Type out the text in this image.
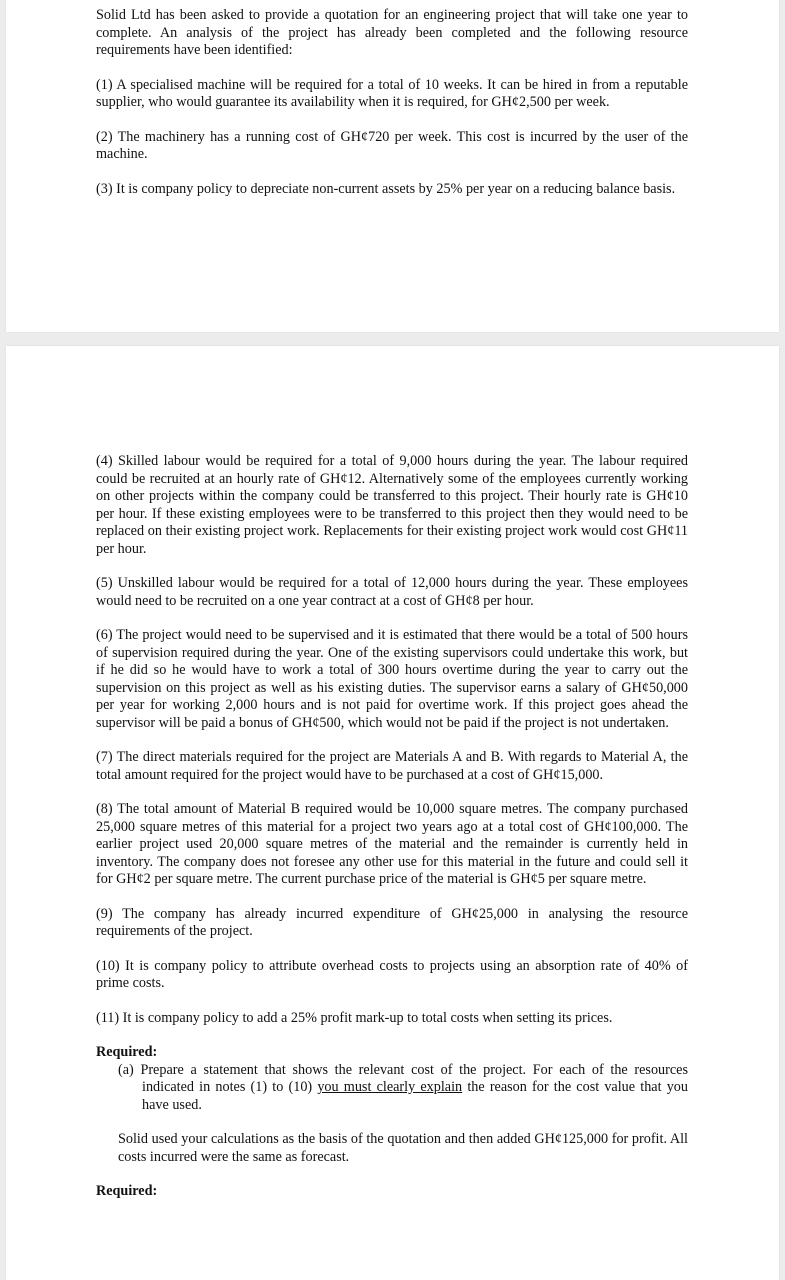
Solid Ltd has been asked to provide a quotation for an engineering project that will take one year to complete. An analysis of the project has already been completed and the following resource requirements have been identified:

(1) A specialised machine will be required for a total of 10 weeks. It can be hired in from a reputable supplier, who would guarantee its availability when it is required, for GH¢2,500 per week.

(2) The machinery has a running cost of GH¢720 per week. This cost is incurred by the user of the machine.

(3) It is company policy to depreciate non-current assets by 25% per year on a reducing balance basis.

(4) Skilled labour would be required for a total of 9,000 hours during the year. The labour required could be recruited at an hourly rate of GH¢12. Alternatively some of the employees currently working on other projects within the company could be transferred to this project. Their hourly rate is GH¢10 per hour. If these existing employees were to be transferred to this project then they would need to be replaced on their existing project work. Replacements for their existing project work would cost GH¢11 per hour.

(5) Unskilled labour would be required for a total of 12,000 hours during the year. These employees would need to be recruited on a one year contract at a cost of GH¢8 per hour.

(6) The project would need to be supervised and it is estimated that there would be a total of 500 hours of supervision required during the year. One of the existing supervisors could undertake this work, but if he did so he would have to work a total of 300 hours overtime during the year to carry out the supervision on this project as well as his existing duties. The supervisor earns a salary of GH¢50,000 per year for working 2,000 hours and is not paid for overtime work. If this project goes ahead the supervisor will be paid a bonus of GH¢500, which would not be paid if the project is not undertaken.

(7) The direct materials required for the project are Materials A and B. With regards to Material A, the total amount required for the project would have to be purchased at a cost of GH¢15,000.

(8) The total amount of Material B required would be 10,000 square metres. The company purchased 25,000 square metres of this material for a project two years ago at a total cost of GH¢100,000. The earlier project used 20,000 square metres of the material and the remainder is currently held in inventory. The company does not foresee any other use for this material in the future and could sell it for GH¢2 per square metre. The current purchase price of the material is GH¢5 per square metre.

(9) The company has already incurred expenditure of GH¢25,000 in analysing the resource requirements of the project.

(10) It is company policy to attribute overhead costs to projects using an absorption rate of 40% of prime costs.

(11) It is company policy to add a 25% profit mark-up to total costs when setting its prices.

Required:

(a) Prepare a statement that shows the relevant cost of the project. For each of the resources indicated in notes (1) to (10) you must clearly explain the reason for the cost value that you have used.

Solid used your calculations as the basis of the quotation and then added GH¢125,000 for profit. All costs incurred were the same as forecast.

Required:
